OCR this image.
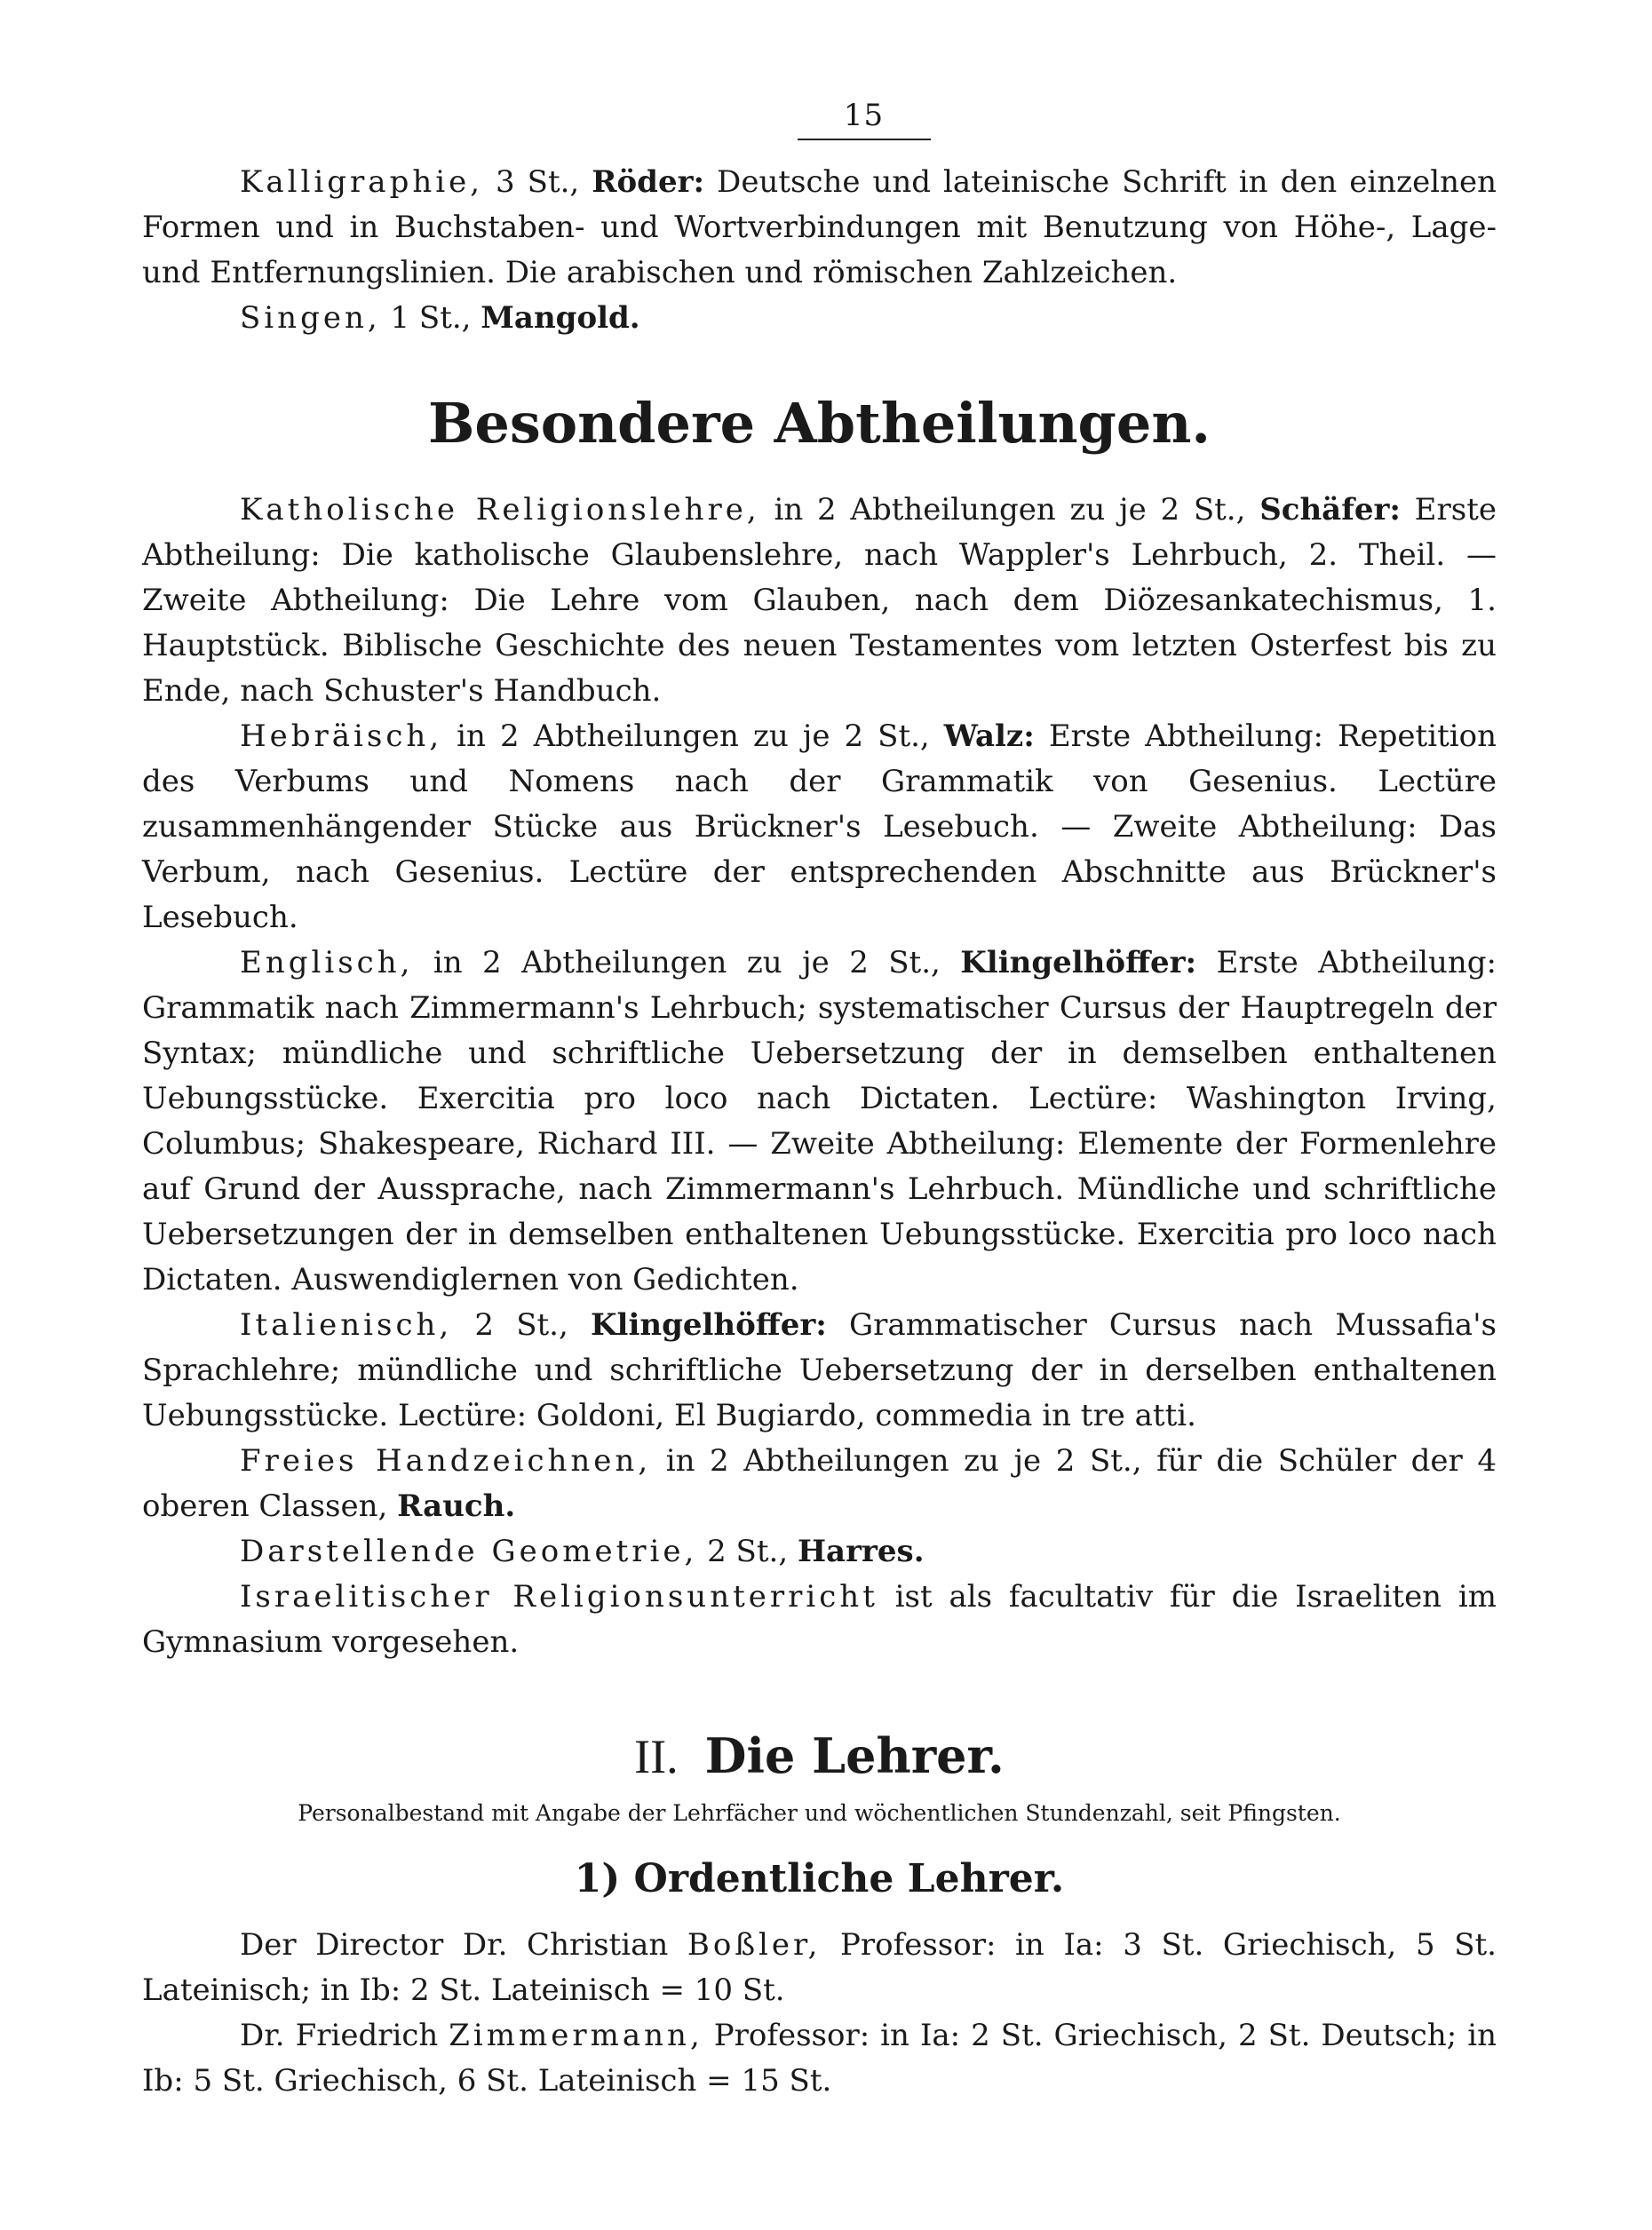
15

Kalligraphie, 3 St., Röder: Deutsche und lateinische Schrift in den einzelnen Formen und in Buchstaben- und Wortverbindungen mit Benutzung von Höhe-, Lage- und Entfernungslinien. Die arabischen und römischen Zahlzeichen.

Singen, 1 St., Mangold.

Besondere Abtheilungen.

Katholische Religionslehre, in 2 Abtheilungen zu je 2 St., Schäfer: Erste Abtheilung: Die katholische Glaubenslehre, nach Wappler's Lehrbuch, 2. Theil. — Zweite Abtheilung: Die Lehre vom Glauben, nach dem Diözesankatechismus, 1. Hauptstück. Biblische Geschichte des neuen Testamentes vom letzten Osterfest bis zu Ende, nach Schuster's Handbuch.

Hebräisch, in 2 Abtheilungen zu je 2 St., Walz: Erste Abtheilung: Repetition des Verbums und Nomens nach der Grammatik von Gesenius. Lectüre zusammenhängender Stücke aus Brückner's Lesebuch. — Zweite Abtheilung: Das Verbum, nach Gesenius. Lectüre der entsprechenden Abschnitte aus Brückner's Lesebuch.

Englisch, in 2 Abtheilungen zu je 2 St., Klingelhöffer: Erste Abtheilung: Grammatik nach Zimmermann's Lehrbuch; systematischer Cursus der Hauptregeln der Syntax; mündliche und schriftliche Uebersetzung der in demselben enthaltenen Uebungsstücke. Exercitia pro loco nach Dictaten. Lectüre: Washington Irving, Columbus; Shakespeare, Richard III. — Zweite Abtheilung: Elemente der Formenlehre auf Grund der Aussprache, nach Zimmermann's Lehrbuch. Mündliche und schriftliche Uebersetzungen der in demselben enthaltenen Uebungsstücke. Exercitia pro loco nach Dictaten. Auswendiglernen von Gedichten.

Italienisch, 2 St., Klingelhöffer: Grammatischer Cursus nach Mussafia's Sprachlehre; mündliche und schriftliche Uebersetzung der in derselben enthaltenen Uebungsstücke. Lectüre: Goldoni, El Bugiardo, commedia in tre atti.

Freies Handzeichnen, in 2 Abtheilungen zu je 2 St., für die Schüler der 4 oberen Classen, Rauch.

Darstellende Geometrie, 2 St., Harres.

Israelitischer Religionsunterricht ist als facultativ für die Israeliten im Gymnasium vorgesehen.

II. Die Lehrer.
Personalbestand mit Angabe der Lehrfächer und wöchentlichen Stundenzahl, seit Pfingsten.
1) Ordentliche Lehrer.

Der Director Dr. Christian Boßler, Professor: in Ia: 3 St. Griechisch, 5 St. Lateinisch; in Ib: 2 St. Lateinisch = 10 St.

Dr. Friedrich Zimmermann, Professor: in Ia: 2 St. Griechisch, 2 St. Deutsch; in Ib: 5 St. Griechisch, 6 St. Lateinisch = 15 St.
